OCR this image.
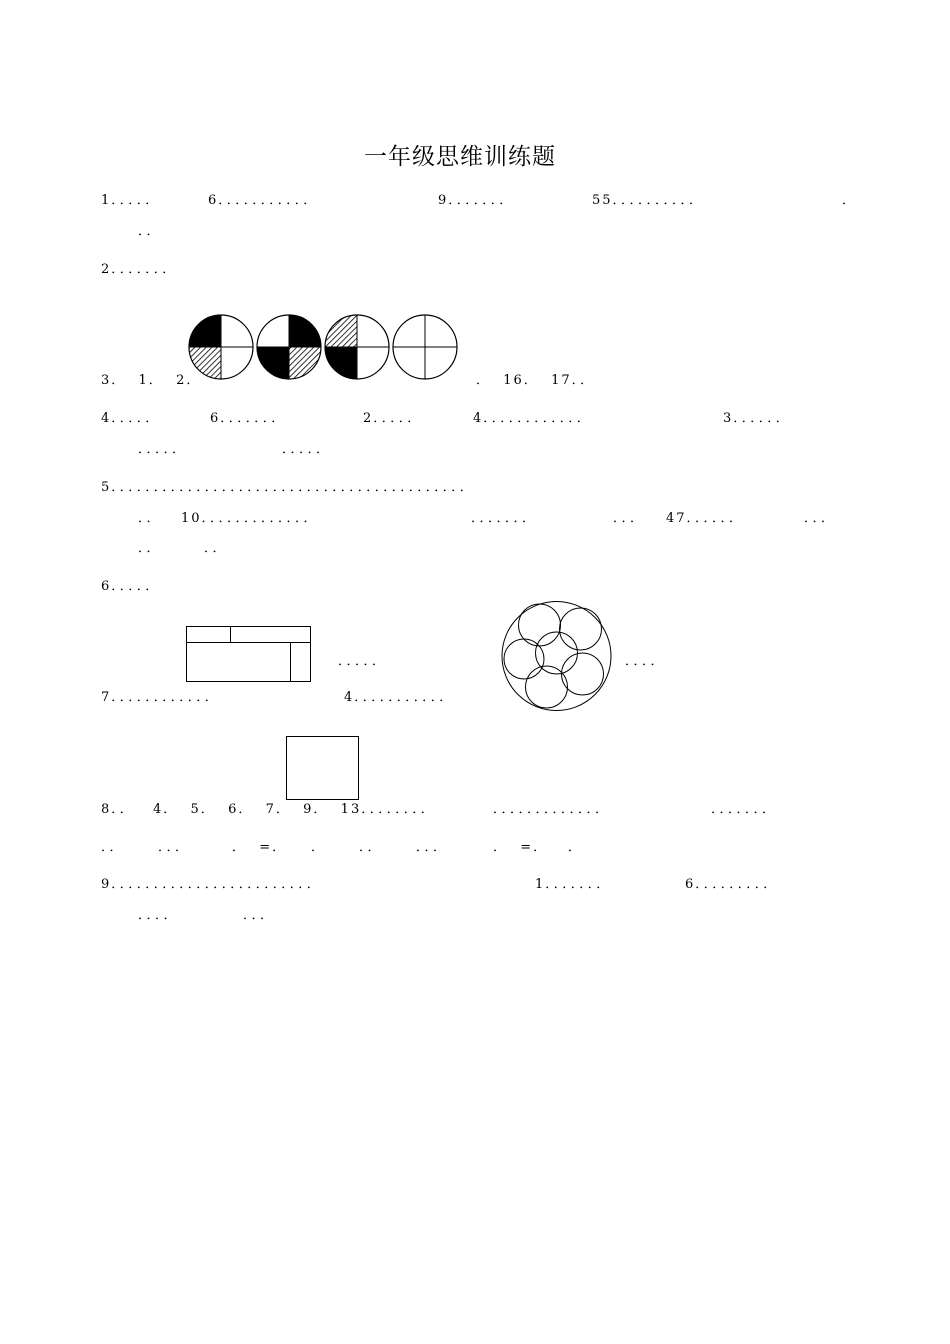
一年级思维训练题
1．．．．．	6．．．．．．．．．．．	9．．．．．．．	55．．．．．．．．．．	．
．．
2．．．．．．．
3．  1．  2．	．  16．  17．．
4．．．．．	6．．．．．．．	2．．．．．	4．．．．．．．．．．．．	3．．．．．．
．．．．．	．．．．．
5．．．．．．．．．．．．．．．．．．．．．．．．．．．．．．．．．．．．．．．．．．
．． 10．．．．．．．．．．．．．	．．．．．．．	．．． 47．．．．．．	．．．
．．	．．
6．．．．．
．．．．．	．．．．
7．．．．．．．．．．．．	4．．．．．．．．．．．
8．． 4．  5．  6．  7．  9．  13．．．．．．．．	．．．．．．．．．．．．．	．．．．．．．
．．	．．．	．  =． ．	．．	．．．	．  =． ．
9．．．．．．．．．．．．．．．．．．．．．．．．	1．．．．．．．	6．．．．．．．．．
．．．．	．．．
